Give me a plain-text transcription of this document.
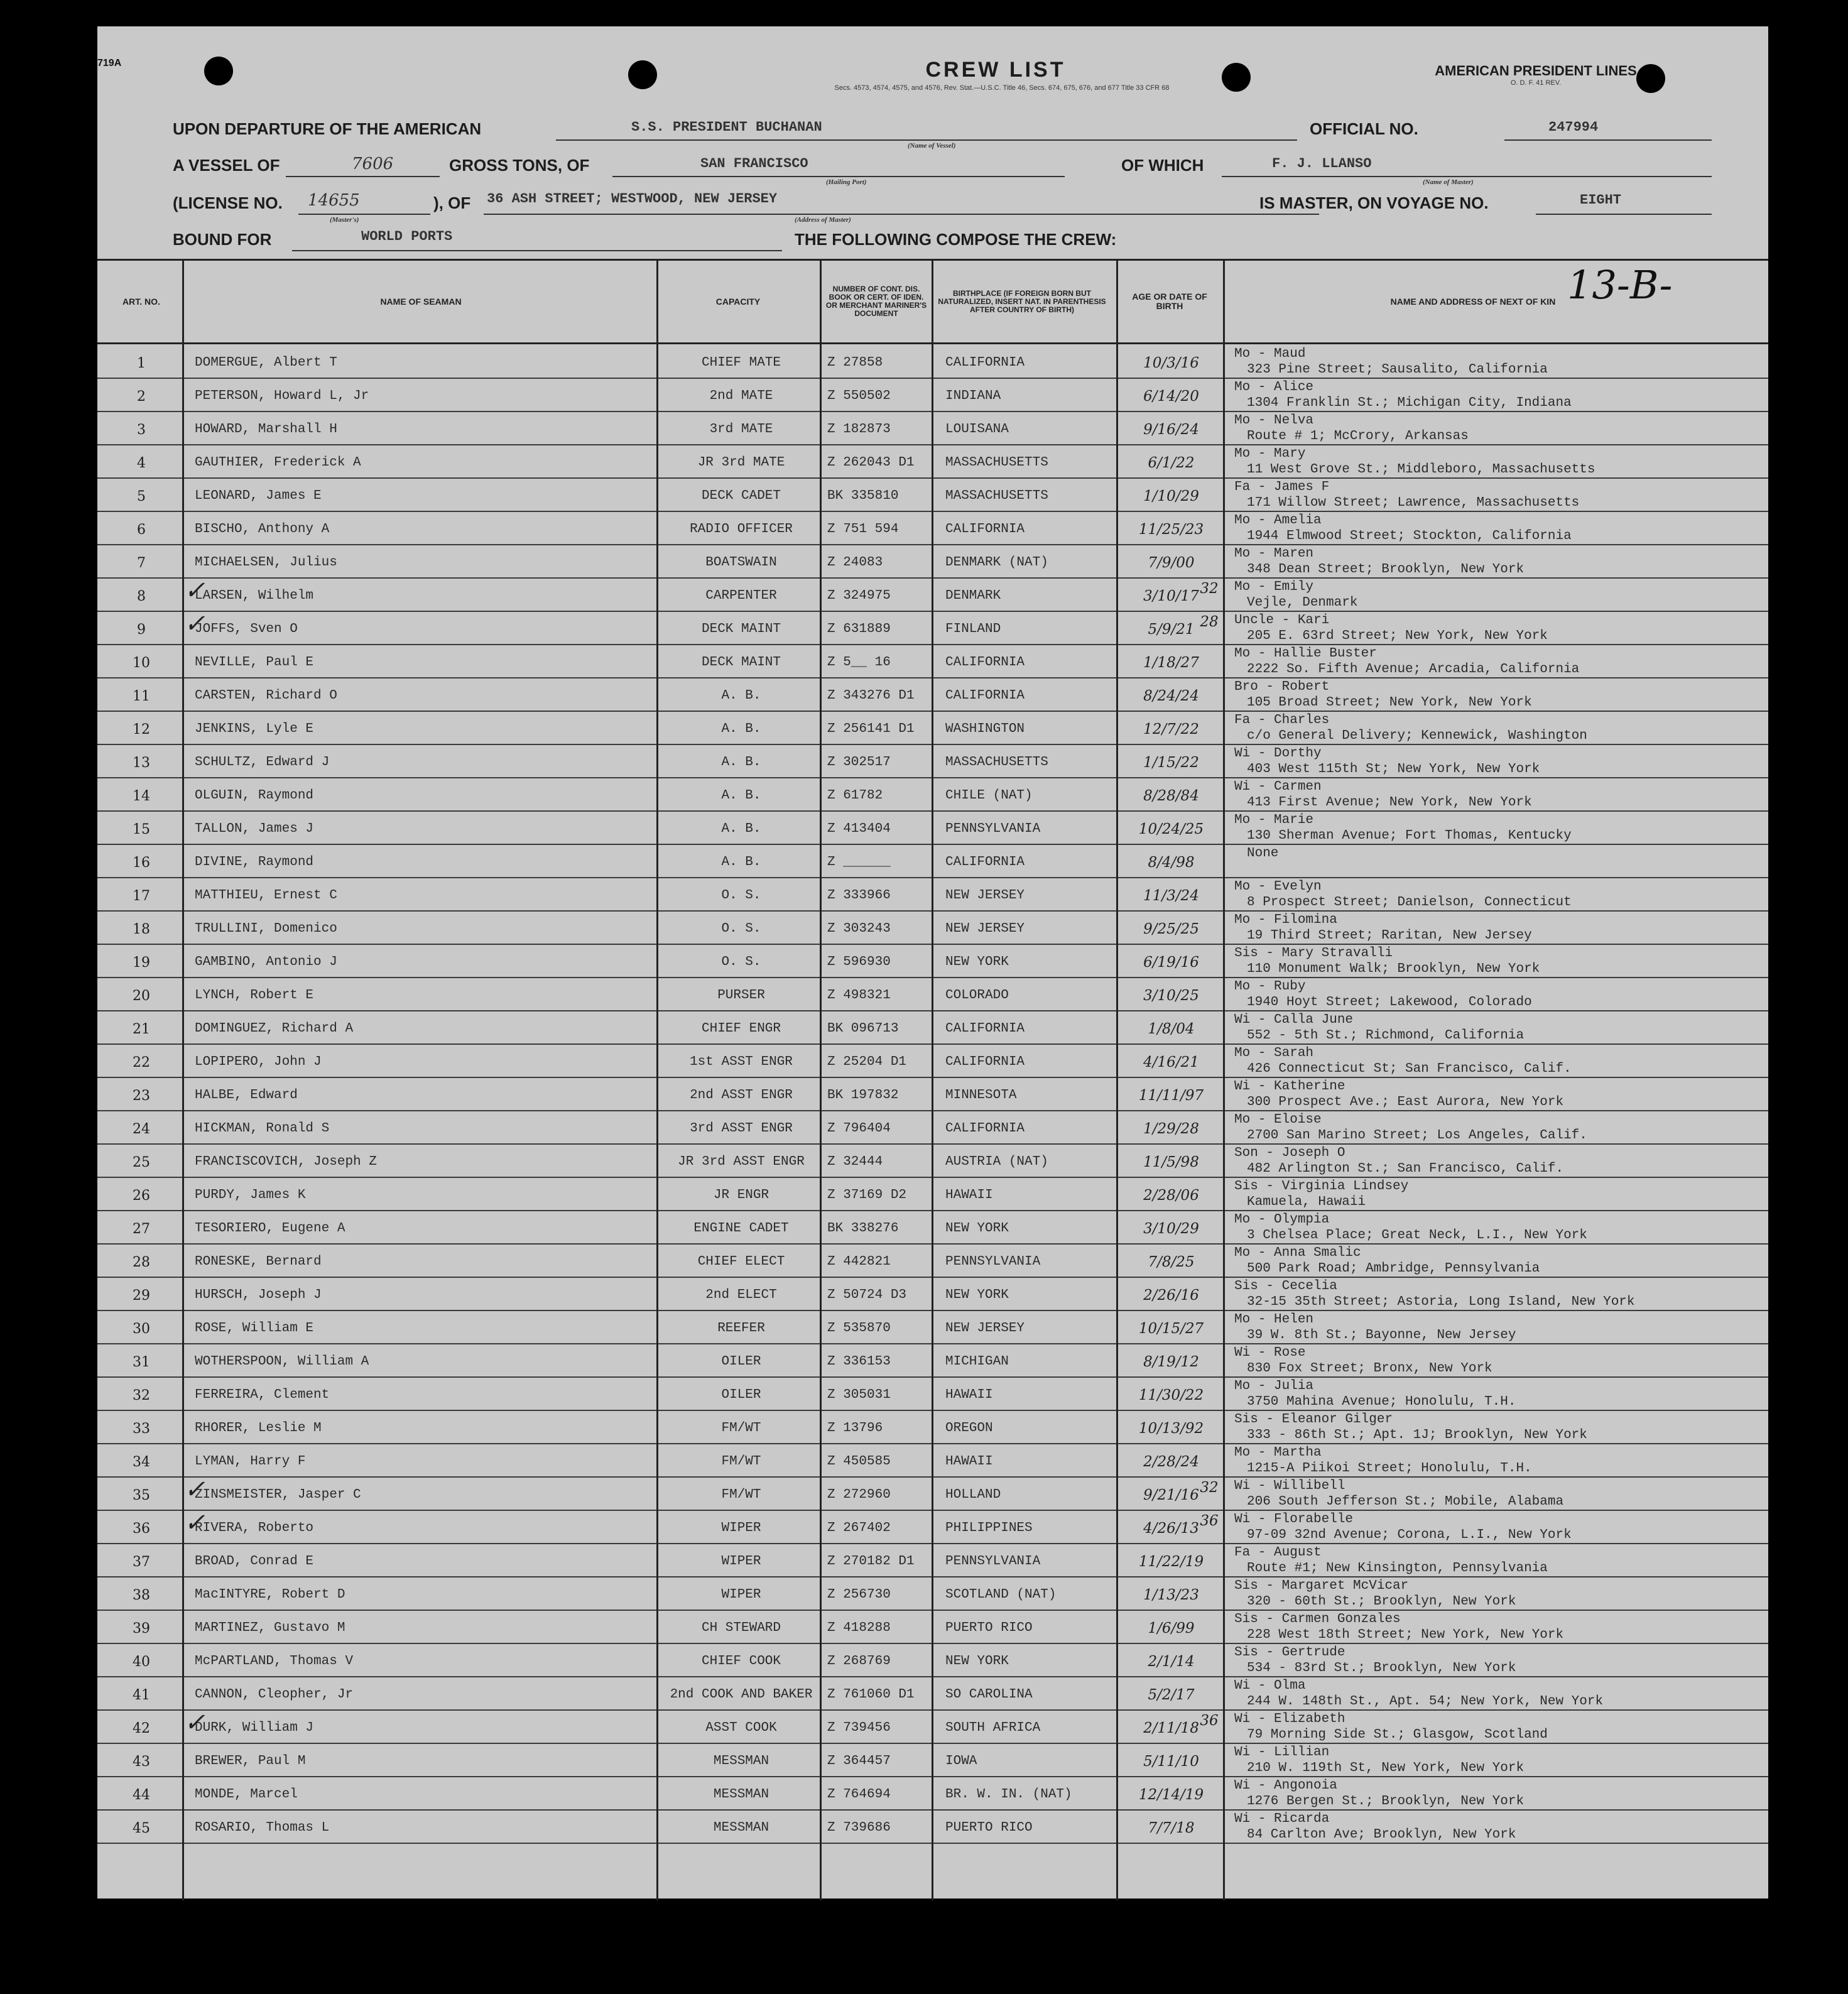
719A	CREW LIST
Secs. 4573, 4574, 4575, and 4576, Rev. Stat.—U.S.C. Title 46, Secs. 674, 675, 676, and 677 Title 33 CFR 68
AMERICAN PRESIDENT LINES
O. D. F. 41 REV.
UPON DEPARTURE OF THE AMERICAN	S.S. PRESIDENT BUCHANAN
(Name of Vessel)
OFFICIAL NO.	247994
A VESSEL OF	7606	GROSS TONS, OF	SAN FRANCISCO
(Hailing Port)
OF WHICH	F. J. LLANSO
(Name of Master)
(LICENSE NO. 14655
(Master's)
), OF 36 ASH STREET; WESTWOOD, NEW JERSEY
(Address of Master)
IS MASTER, ON VOYAGE NO.	EIGHT
BOUND FOR	WORLD PORTS	THE FOLLOWING COMPOSE THE CREW:
13-B-
ART. NO.	NAME OF SEAMAN	CAPACITY
NUMBER OF CONT. DIS. BOOK OR CERT. OF IDEN. OR MERCHANT MARINER'S DOCUMENT
BIRTHPLACE (IF FOREIGN BORN BUT NATURALIZED, INSERT NAT. IN PARENTHESIS AFTER COUNTRY OF BIRTH)
AGE OR DATE OF BIRTH	NAME AND ADDRESS OF NEXT OF KIN
1	DOMERGUE, Albert T	CHIEF MATE	Z 27858	CALIFORNIA	10/3/16
Mo - Maud
323 Pine Street; Sausalito, California
2	PETERSON, Howard L, Jr	2nd MATE	Z 550502	INDIANA	6/14/20
Mo - Alice
1304 Franklin St.; Michigan City, Indiana
3	HOWARD, Marshall H	3rd MATE	Z 182873	LOUISANA	9/16/24
Mo - Nelva
Route # 1; McCrory, Arkansas
4	GAUTHIER, Frederick A	JR 3rd MATE	Z 262043 D1	MASSACHUSETTS	6/1/22
Mo - Mary
11 West Grove St.; Middleboro, Massachusetts
5	LEONARD, James E	DECK CADET	BK 335810	MASSACHUSETTS	1/10/29
Fa - James F
171 Willow Street; Lawrence, Massachusetts
6	BISCHO, Anthony A	RADIO OFFICER	Z 751 594	CALIFORNIA	11/25/23
Mo - Amelia
1944 Elmwood Street; Stockton, California
7	MICHAELSEN, Julius	BOATSWAIN	Z 24083	DENMARK (NAT)	7/9/00
Mo - Maren
348 Dean Street; Brooklyn, New York
8	LARSEN, Wilhelm	CARPENTER	Z 324975	DENMARK	3/10/17 32
✓	Mo - Emily
Vejle, Denmark
9	JOFFS, Sven O	DECK MAINT	Z 631889	FINLAND	5/9/21 28
✓	Uncle - Kari
205 E. 63rd Street; New York, New York
10	NEVILLE, Paul E	DECK MAINT	Z 5__ 16	CALIFORNIA	1/18/27
Mo - Hallie Buster
2222 So. Fifth Avenue; Arcadia, California
11	CARSTEN, Richard O	A. B.	Z 343276 D1	CALIFORNIA	8/24/24
Bro - Robert
105 Broad Street; New York, New York
12	JENKINS, Lyle E	A. B.	Z 256141 D1	WASHINGTON	12/7/22
Fa - Charles
c/o General Delivery; Kennewick, Washington
13	SCHULTZ, Edward J	A. B.	Z 302517	MASSACHUSETTS	1/15/22
Wi - Dorthy
403 West 115th St; New York, New York
14	OLGUIN, Raymond	A. B.	Z 61782	CHILE (NAT)	8/28/84
Wi - Carmen
413 First Avenue; New York, New York
15	TALLON, James J	A. B.	Z 413404	PENNSYLVANIA	10/24/25
Mo - Marie
130 Sherman Avenue; Fort Thomas, Kentucky
16	DIVINE, Raymond	A. B.	Z ______	CALIFORNIA	8/4/98
None
17	MATTHIEU, Ernest C	O. S.	Z 333966	NEW JERSEY	11/3/24
Mo - Evelyn
8 Prospect Street; Danielson, Connecticut
18	TRULLINI, Domenico	O. S.	Z 303243	NEW JERSEY	9/25/25
Mo - Filomina
19 Third Street; Raritan, New Jersey
19	GAMBINO, Antonio J	O. S.	Z 596930	NEW YORK	6/19/16
Sis - Mary Stravalli
110 Monument Walk; Brooklyn, New York
20	LYNCH, Robert E	PURSER	Z 498321	COLORADO	3/10/25
Mo - Ruby
1940 Hoyt Street; Lakewood, Colorado
21	DOMINGUEZ, Richard A	CHIEF ENGR	BK 096713	CALIFORNIA	1/8/04
Wi - Calla June
552 - 5th St.; Richmond, California
22	LOPIPERO, John J	1st ASST ENGR	Z 25204 D1	CALIFORNIA	4/16/21
Mo - Sarah
426 Connecticut St; San Francisco, Calif.
23	HALBE, Edward	2nd ASST ENGR	BK 197832	MINNESOTA	11/11/97
Wi - Katherine
300 Prospect Ave.; East Aurora, New York
24	HICKMAN, Ronald S	3rd ASST ENGR	Z 796404	CALIFORNIA	1/29/28
Mo - Eloise
2700 San Marino Street; Los Angeles, Calif.
25	FRANCISCOVICH, Joseph Z	JR 3rd ASST ENGR	Z 32444	AUSTRIA (NAT)	11/5/98
Son - Joseph O
482 Arlington St.; San Francisco, Calif.
26	PURDY, James K	JR ENGR	Z 37169 D2	HAWAII	2/28/06
Sis - Virginia Lindsey
Kamuela, Hawaii
27	TESORIERO, Eugene A	ENGINE CADET	BK 338276	NEW YORK	3/10/29
Mo - Olympia
3 Chelsea Place; Great Neck, L.I., New York
28	RONESKE, Bernard	CHIEF ELECT	Z 442821	PENNSYLVANIA	7/8/25
Mo - Anna Smalic
500 Park Road; Ambridge, Pennsylvania
29	HURSCH, Joseph J	2nd ELECT	Z 50724 D3	NEW YORK	2/26/16
Sis - Cecelia
32-15 35th Street; Astoria, Long Island, New York
30	ROSE, William E	REEFER	Z 535870	NEW JERSEY	10/15/27
Mo - Helen
39 W. 8th St.; Bayonne, New Jersey
31	WOTHERSPOON, William A	OILER	Z 336153	MICHIGAN	8/19/12
Wi - Rose
830 Fox Street; Bronx, New York
32	FERREIRA, Clement	OILER	Z 305031	HAWAII	11/30/22
Mo - Julia
3750 Mahina Avenue; Honolulu, T.H.
33	RHORER, Leslie M	FM/WT	Z 13796	OREGON	10/13/92
Sis - Eleanor Gilger
333 - 86th St.; Apt. 1J; Brooklyn, New York
34	LYMAN, Harry F	FM/WT	Z 450585	HAWAII	2/28/24
Mo - Martha
1215-A Piikoi Street; Honolulu, T.H.
35	ZINSMEISTER, Jasper C	FM/WT	Z 272960	HOLLAND	9/21/16 32
✓	Wi - Willibell
206 South Jefferson St.; Mobile, Alabama
36	RIVERA, Roberto	WIPER	Z 267402	PHILIPPINES	4/26/13 36
✓	Wi - Florabelle
97-09 32nd Avenue; Corona, L.I., New York
37	BROAD, Conrad E	WIPER	Z 270182 D1	PENNSYLVANIA	11/22/19
Fa - August
Route #1; New Kinsington, Pennsylvania
38	MacINTYRE, Robert D	WIPER	Z 256730	SCOTLAND (NAT)	1/13/23
Sis - Margaret McVicar
320 - 60th St.; Brooklyn, New York
39	MARTINEZ, Gustavo M	CH STEWARD	Z 418288	PUERTO RICO	1/6/99
Sis - Carmen Gonzales
228 West 18th Street; New York, New York
40	McPARTLAND, Thomas V	CHIEF COOK	Z 268769	NEW YORK	2/1/14
Sis - Gertrude
534 - 83rd St.; Brooklyn, New York
41	CANNON, Cleopher, Jr	2nd COOK AND BAKER	Z 761060 D1	SO CAROLINA	5/2/17
Wi - Olma
244 W. 148th St., Apt. 54; New York, New York
42	DURK, William J	ASST COOK	Z 739456	SOUTH AFRICA	2/11/18 36
✓	Wi - Elizabeth
79 Morning Side St.; Glasgow, Scotland
43	BREWER, Paul M	MESSMAN	Z 364457	IOWA	5/11/10
Wi - Lillian
210 W. 119th St, New York, New York
44	MONDE, Marcel	MESSMAN	Z 764694	BR. W. IN. (NAT)	12/14/19
Wi - Angonoia
1276 Bergen St.; Brooklyn, New York
45	ROSARIO, Thomas L	MESSMAN	Z 739686	PUERTO RICO	7/7/18
Wi - Ricarda
84 Carlton Ave; Brooklyn, New York
